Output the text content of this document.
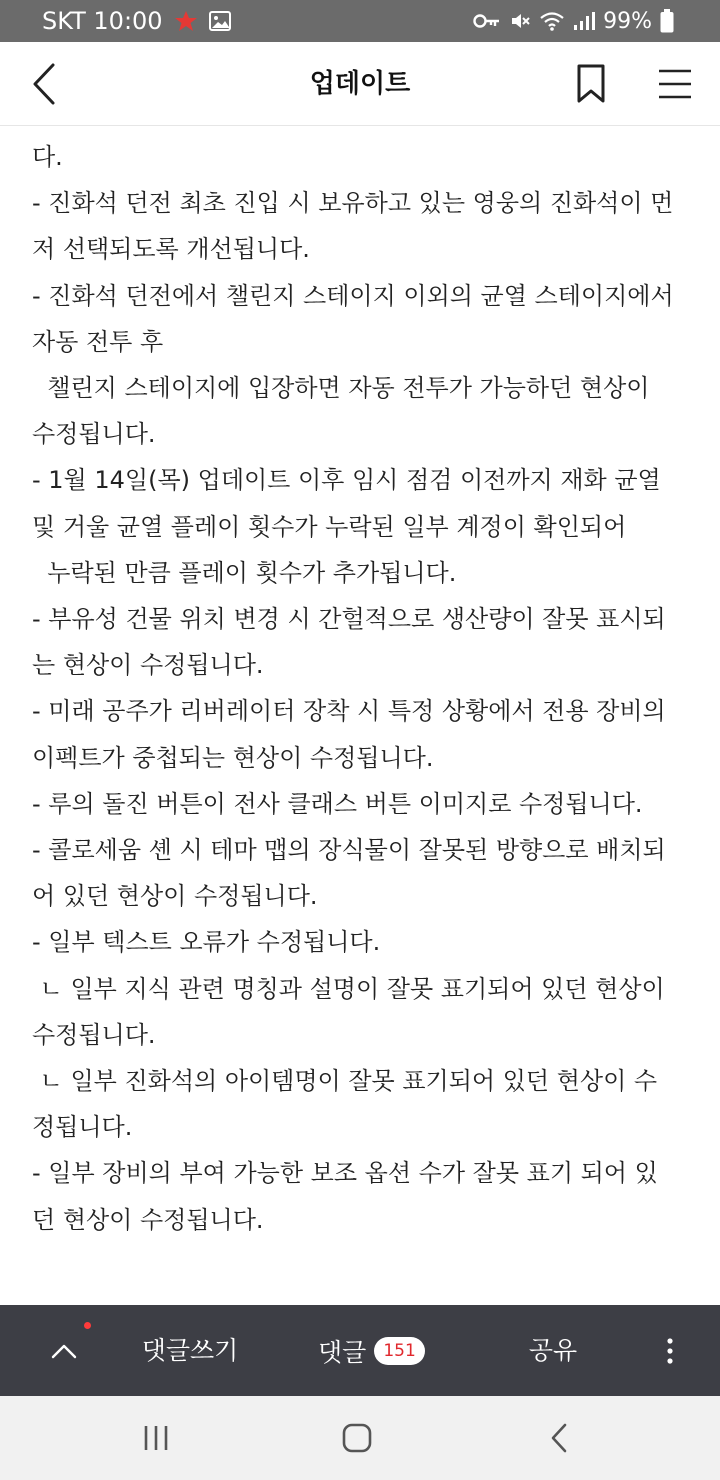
SKT 10:00	99%
업데이트

다.

- 진화석 던전 최초 진입 시 보유하고 있는 영웅의 진화석이 먼

저 선택되도록 개선됩니다.

- 진화석 던전에서 챌린지 스테이지 이외의 균열 스테이지에서

자동 전투 후

챌린지 스테이지에 입장하면 자동 전투가 가능하던 현상이

수정됩니다.

- 1월 14일(목) 업데이트 이후 임시 점검 이전까지 재화 균열

및 거울 균열 플레이 횟수가 누락된 일부 계정이 확인되어

누락된 만큼 플레이 횟수가 추가됩니다.

- 부유성 건물 위치 변경 시 간헐적으로 생산량이 잘못 표시되

는 현상이 수정됩니다.

- 미래 공주가 리버레이터 장착 시 특정 상황에서 전용 장비의

이펙트가 중첩되는 현상이 수정됩니다.

- 루의 돌진 버튼이 전사 클래스 버튼 이미지로 수정됩니다.

- 콜로세움 셴 시 테마 맵의 장식물이 잘못된 방향으로 배치되

어 있던 현상이 수정됩니다.

- 일부 텍스트 오류가 수정됩니다.

ㄴ 일부 지식 관련 명칭과 설명이 잘못 표기되어 있던 현상이

수정됩니다.

ㄴ 일부 진화석의 아이템명이 잘못 표기되어 있던 현상이 수

정됩니다.

- 일부 장비의 부여 가능한 보조 옵션 수가 잘못 표기 되어 있

던 현상이 수정됩니다.

댓글쓰기	댓글	151	공유
